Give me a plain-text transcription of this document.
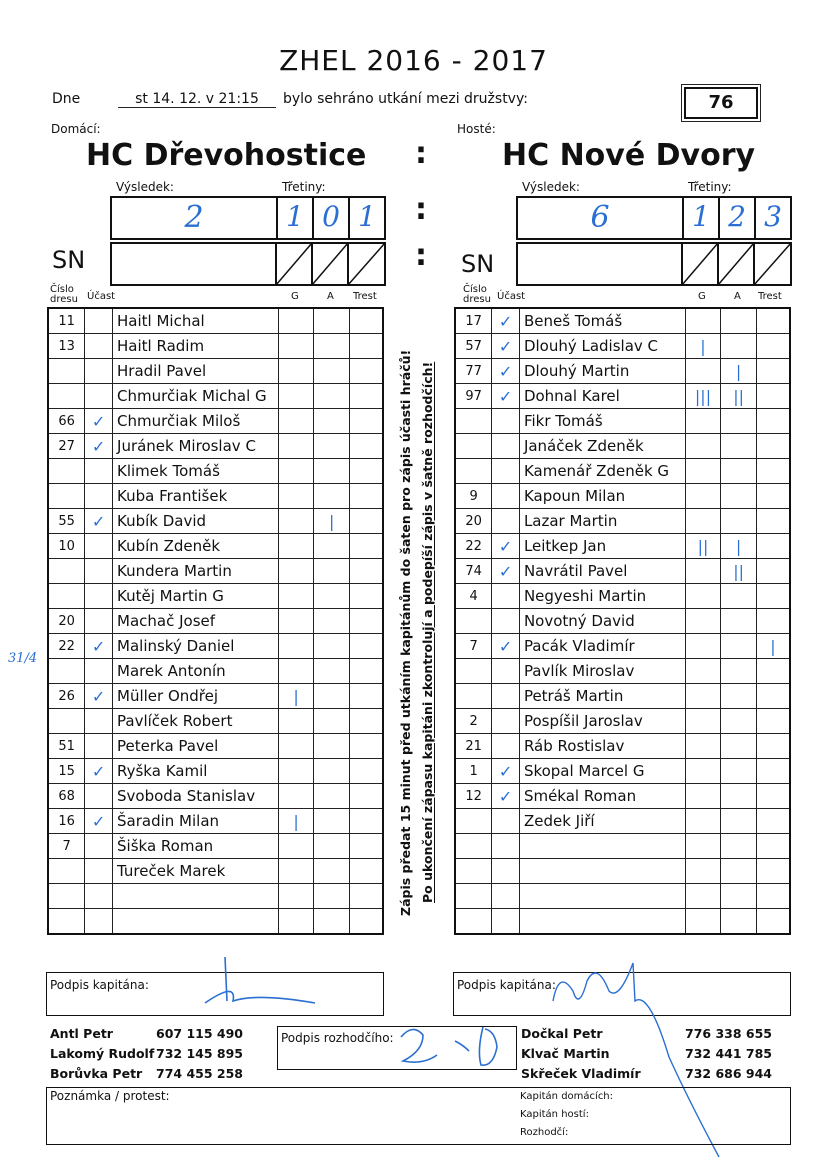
ZHEL 2016 - 2017
Dne	st 14. 12. v 21:15	bylo sehráno utkání mezi družstvy:	76
Domácí:	Hosté:
HC Dřevohostice :	HC Nové Dvory
Výsledek:	Třetiny:
2	1 0 1 :
Výsledek:	Třetiny:
6	1 2 3
SN	: SN
Číslo dresu Účast	G	A Trest
Číslo dresu Účast	G	A Trest
11		Haitl Michal			
13		Haitl Radim			
		Hradil Pavel			
		Chmurčiak Michal G			
66	✓	Chmurčiak Miloš			
27	✓	Juránek Miroslav C			
		Klimek Tomáš			
		Kuba František			
55	✓	Kubík David		|	
10		Kubín Zdeněk			
		Kundera Martin			
		Kutěj Martin G			
20		Machač Josef			
22	✓	Malinský Daniel			
		Marek Antonín			
26	✓	Müller Ondřej	|		
		Pavlíček Robert			
51		Peterka Pavel			
15	✓	Ryška Kamil			
68		Svoboda Stanislav			
16	✓	Šaradin Milan	|		
7		Šiška Roman			
		Tureček Marek			

31/4
17	✓	Beneš Tomáš			
57	✓	Dlouhý Ladislav C	|		
77	✓	Dlouhý Martin		|	
97	✓	Dohnal Karel	|||	||	
		Fikr Tomáš			
		Janáček Zdeněk			
		Kamenář Zdeněk G			
9		Kapoun Milan			
20		Lazar Martin			
22	✓	Leitkep Jan	||	|	
74	✓	Navrátil Pavel		||	
4		Negyeshi Martin			
		Novotný David			
7	✓	Pacák Vladimír			|
		Pavlík Miroslav			
		Petráš Martin			
2		Pospíšil Jaroslav			
21		Ráb Rostislav			
1	✓	Skopal Marcel G			
12	✓	Smékal Roman			
		Zedek Jiří			

Zápis předat 15 minut před utkáním kapitánům do šaten pro zápis účasti hráčů! Po ukončení zápasu kapitáni zkontrolují a podepíší zápis v šatně rozhodčích!
Podpis kapitána:	Podpis kapitána:
Antl Petr	607 115 490
Lakomý Rudolf 732 145 895
Borůvka Petr 774 455 258
Podpis rozhodčího:	Dočkal Petr	776 338 655
Klvač Martin	732 441 785
Skřeček Vladimír	732 686 944
Poznámka / protest:	Kapitán domácích:
Kapitán hostí:
Rozhodčí:
